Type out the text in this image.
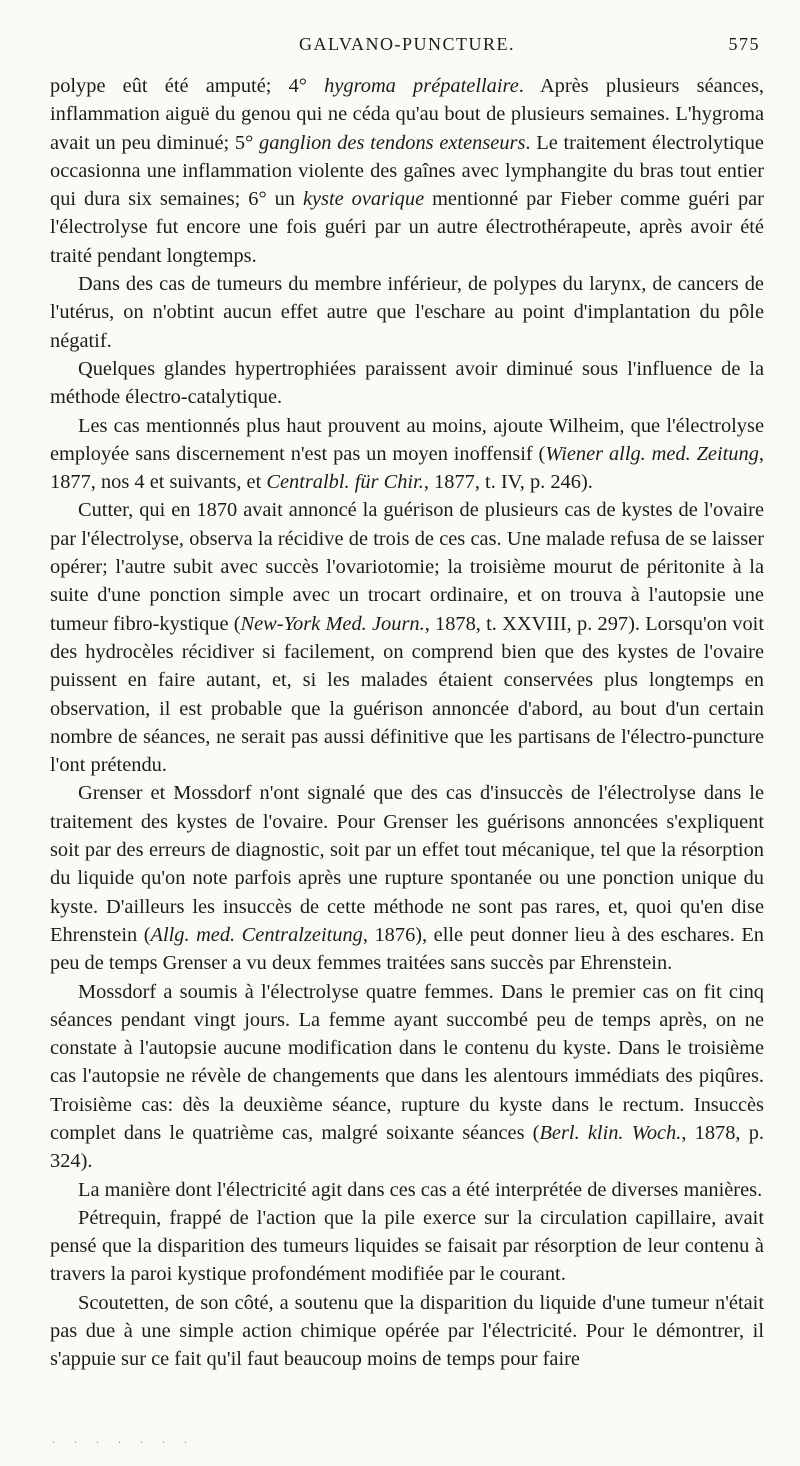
GALVANO-PUNCTURE.	575

polype eût été amputé; 4° hygroma prépatellaire. Après plusieurs séances, inflammation aiguë du genou qui ne céda qu'au bout de plusieurs semaines. L'hygroma avait un peu diminué; 5° ganglion des tendons extenseurs. Le traitement électrolytique occasionna une inflammation violente des gaînes avec lymphangite du bras tout entier qui dura six semaines; 6° un kyste ovarique mentionné par Fieber comme guéri par l'électrolyse fut encore une fois guéri par un autre électrothérapeute, après avoir été traité pendant longtemps.

Dans des cas de tumeurs du membre inférieur, de polypes du larynx, de cancers de l'utérus, on n'obtint aucun effet autre que l'eschare au point d'implantation du pôle négatif.

Quelques glandes hypertrophiées paraissent avoir diminué sous l'influence de la méthode électro-catalytique.

Les cas mentionnés plus haut prouvent au moins, ajoute Wilheim, que l'électrolyse employée sans discernement n'est pas un moyen inoffensif (Wiener allg. med. Zeitung, 1877, nos 4 et suivants, et Centralbl. für Chir., 1877, t. IV, p. 246).

Cutter, qui en 1870 avait annoncé la guérison de plusieurs cas de kystes de l'ovaire par l'électrolyse, observa la récidive de trois de ces cas. Une malade refusa de se laisser opérer; l'autre subit avec succès l'ovariotomie; la troisième mourut de péritonite à la suite d'une ponction simple avec un trocart ordinaire, et on trouva à l'autopsie une tumeur fibro-kystique (New-York Med. Journ., 1878, t. XXVIII, p. 297). Lorsqu'on voit des hydrocèles récidiver si facilement, on comprend bien que des kystes de l'ovaire puissent en faire autant, et, si les malades étaient conservées plus longtemps en observation, il est probable que la guérison annoncée d'abord, au bout d'un certain nombre de séances, ne serait pas aussi définitive que les partisans de l'électro-puncture l'ont prétendu.

Grenser et Mossdorf n'ont signalé que des cas d'insuccès de l'électrolyse dans le traitement des kystes de l'ovaire. Pour Grenser les guérisons annoncées s'expliquent soit par des erreurs de diagnostic, soit par un effet tout mécanique, tel que la résorption du liquide qu'on note parfois après une rupture spontanée ou une ponction unique du kyste. D'ailleurs les insuccès de cette méthode ne sont pas rares, et, quoi qu'en dise Ehrenstein (Allg. med. Centralzeitung, 1876), elle peut donner lieu à des eschares. En peu de temps Grenser a vu deux femmes traitées sans succès par Ehrenstein.

Mossdorf a soumis à l'électrolyse quatre femmes. Dans le premier cas on fit cinq séances pendant vingt jours. La femme ayant succombé peu de temps après, on ne constate à l'autopsie aucune modification dans le contenu du kyste. Dans le troisième cas l'autopsie ne révèle de changements que dans les alentours immédiats des piqûres. Troisième cas: dès la deuxième séance, rupture du kyste dans le rectum. Insuccès complet dans le quatrième cas, malgré soixante séances (Berl. klin. Woch., 1878, p. 324).

La manière dont l'électricité agit dans ces cas a été interprétée de diverses manières.

Pétrequin, frappé de l'action que la pile exerce sur la circulation capillaire, avait pensé que la disparition des tumeurs liquides se faisait par résorption de leur contenu à travers la paroi kystique profondément modifiée par le courant.

Scoutetten, de son côté, a soutenu que la disparition du liquide d'une tumeur n'était pas due à une simple action chimique opérée par l'électricité. Pour le démontrer, il s'appuie sur ce fait qu'il faut beaucoup moins de temps pour faire

. . . . . . .
